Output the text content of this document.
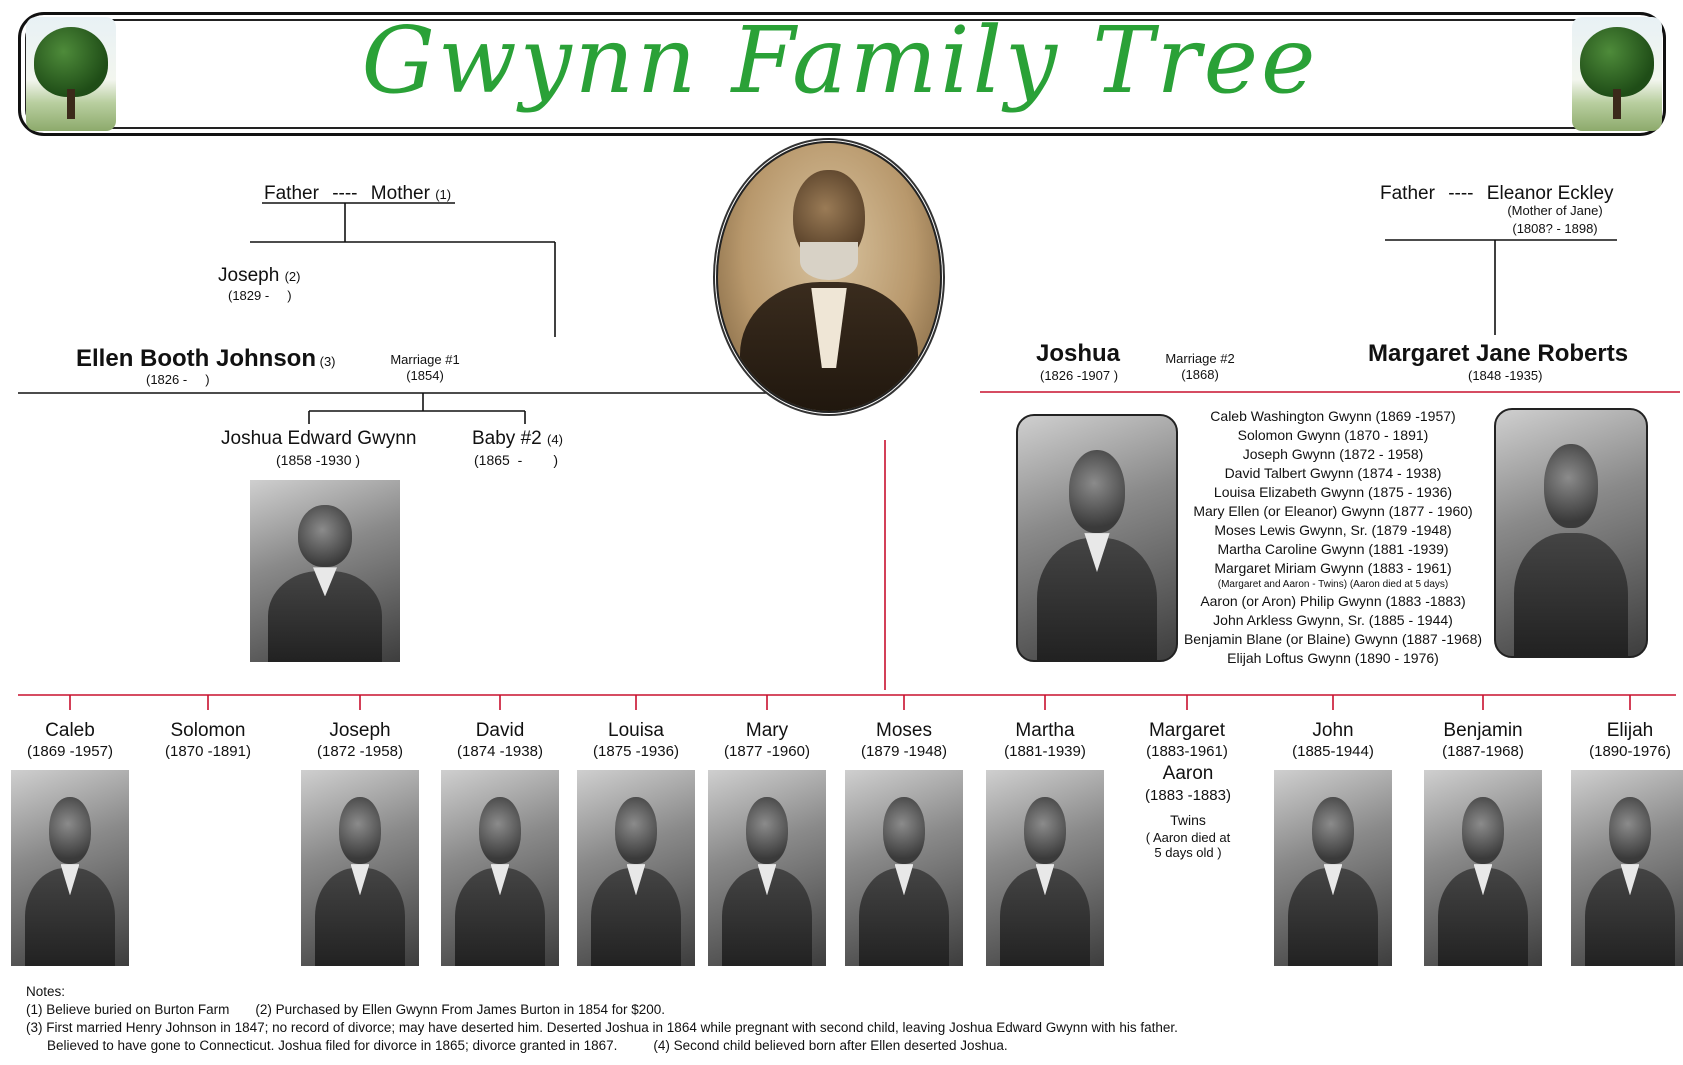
Gwynn Family Tree
Father ---- Mother (1)
Joseph (2)
(1829 -     )
Ellen Booth Johnson (3)
(1826 -     )
Marriage #1
(1854)
Joshua Edward Gwynn
(1858 -1930 )
Baby #2 (4)
(1865  -        )
Father ---- Eleanor Eckley
(Mother of Jane)
(1808? - 1898)
Joshua
(1826 -1907 )
Marriage #2
(1868)
Margaret Jane Roberts
(1848 -1935)
Caleb Washington Gwynn (1869 -1957)
Solomon Gwynn (1870 - 1891)
Joseph Gwynn (1872 - 1958)
David Talbert Gwynn (1874 - 1938)
Louisa Elizabeth Gwynn (1875 - 1936)
Mary Ellen (or Eleanor) Gwynn (1877 - 1960)
Moses Lewis Gwynn, Sr. (1879 -1948)
Martha Caroline Gwynn (1881 -1939)
Margaret Miriam Gwynn (1883 - 1961)
(Margaret and Aaron - Twins) (Aaron died at 5 days)
Aaron (or Aron) Philip Gwynn (1883 -1883)
John Arkless Gwynn, Sr. (1885 - 1944)
Benjamin Blane (or Blaine) Gwynn (1887 -1968)
Elijah Loftus Gwynn (1890 - 1976)
Caleb
(1869 -1957)
Solomon
(1870 -1891)
Joseph
(1872 -1958)
David
(1874 -1938)
Louisa
(1875 -1936)
Mary
(1877 -1960)
Moses
(1879 -1948)
Martha
(1881-1939)
Margaret
(1883-1961)
John
(1885-1944)
Benjamin
(1887-1968)
Elijah
(1890-1976)
Aaron
(1883 -1883)
Twins
( Aaron died at
5 days old )
Notes:
(1) Believe buried on Burton Farm (2) Purchased by Ellen Gwynn From James Burton in 1854 for $200.
(3) First married Henry Johnson in 1847; no record of divorce; may have deserted him. Deserted Joshua in 1864 while pregnant with second child, leaving Joshua Edward Gwynn with his father.
Believed to have gone to Connecticut. Joshua filed for divorce in 1865; divorce granted in 1867.	(4) Second child believed born after Ellen deserted Joshua.
